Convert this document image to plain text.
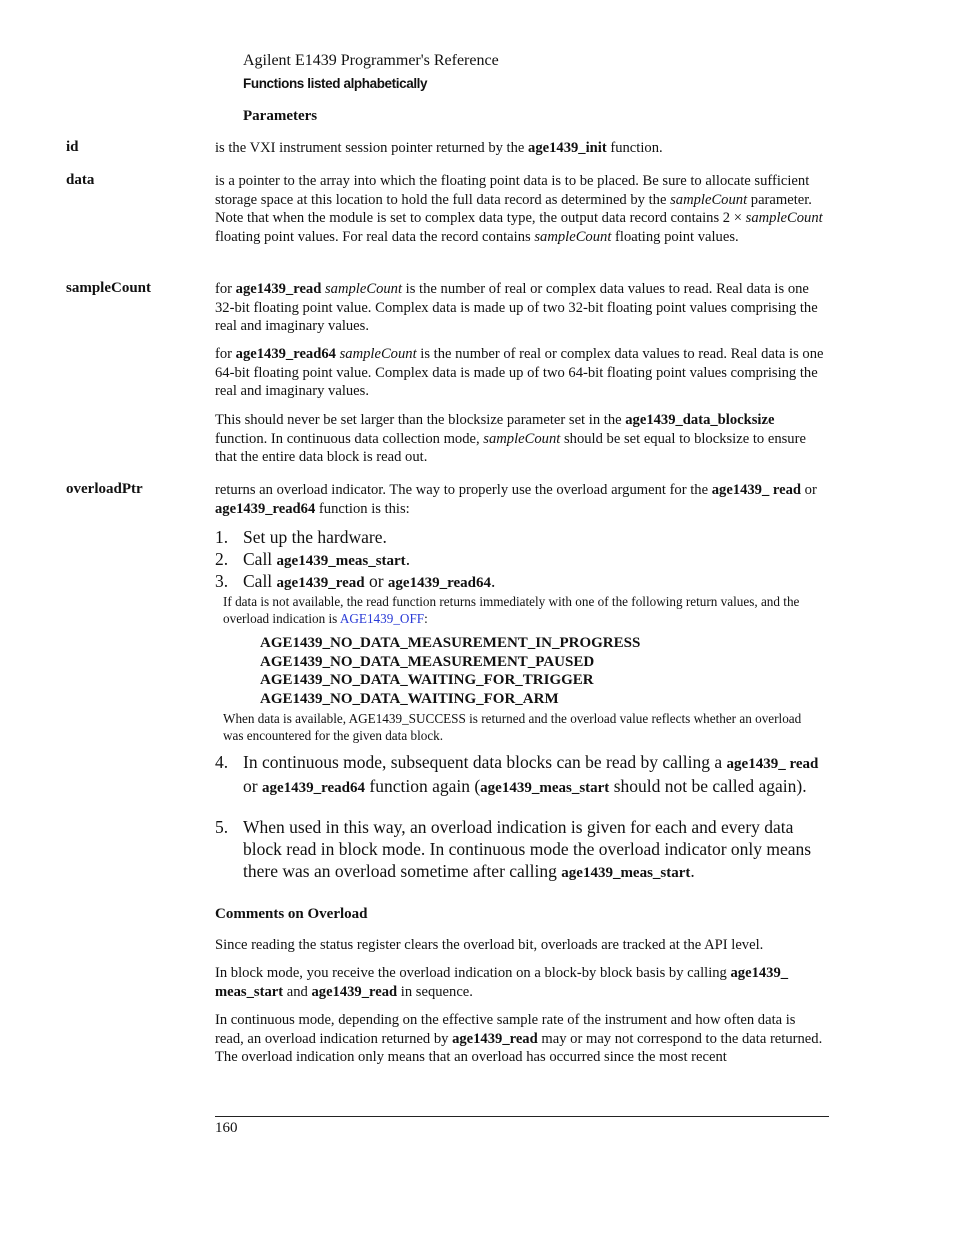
Agilent E1439 Programmer's Reference
Functions listed alphabetically
Parameters
id	is the VXI instrument session pointer returned by the age1439_init function.

data	is a pointer to the array into which the floating point data is to be placed. Be sure to allocate sufficient storage space at this location to hold the full data record as determined by the sampleCount parameter. Note that when the module is set to complex data type, the output data record contains 2 × sampleCount floating point values. For real data the record contains sampleCount floating point values.

sampleCount	for age1439_read sampleCount is the number of real or complex data values to read. Real data is one 32-bit floating point value. Complex data is made up of two 32-bit floating point values comprising the real and imaginary values.

for age1439_read64 sampleCount is the number of real or complex data values to read. Real data is one 64-bit floating point value. Complex data is made up of two 64-bit floating point values comprising the real and imaginary values.

This should never be set larger than the blocksize parameter set in the age1439_data_blocksize function. In continuous data collection mode, sampleCount should be set equal to blocksize to ensure that the entire data block is read out.

overloadPtr	returns an overload indicator. The way to properly use the overload argument for the age1439_ read or age1439_read64 function is this:

1. Set up the hardware.
2. Call age1439_meas_start.
3. Call age1439_read or age1439_read64.
If data is not available, the read function returns immediately with one of the following return values, and the overload indication is AGE1439_OFF:
AGE1439_NO_DATA_MEASUREMENT_IN_PROGRESS
AGE1439_NO_DATA_MEASUREMENT_PAUSED
AGE1439_NO_DATA_WAITING_FOR_TRIGGER
AGE1439_NO_DATA_WAITING_FOR_ARM
When data is available, AGE1439_SUCCESS is returned and the overload value reflects whether an overload was encountered for the given data block.
4. In continuous mode, subsequent data blocks can be read by calling a age1439_ read or age1439_read64 function again (age1439_meas_start should not be called again).
5. When used in this way, an overload indication is given for each and every data block read in block mode. In continuous mode the overload indicator only means there was an overload sometime after calling age1439_meas_start.
Comments on Overload

Since reading the status register clears the overload bit, overloads are tracked at the API level.

In block mode, you receive the overload indication on a block-by block basis by calling age1439_ meas_start and age1439_read in sequence.

In continuous mode, depending on the effective sample rate of the instrument and how often data is read, an overload indication returned by age1439_read may or may not correspond to the data returned. The overload indication only means that an overload has occurred since the most recent

160
